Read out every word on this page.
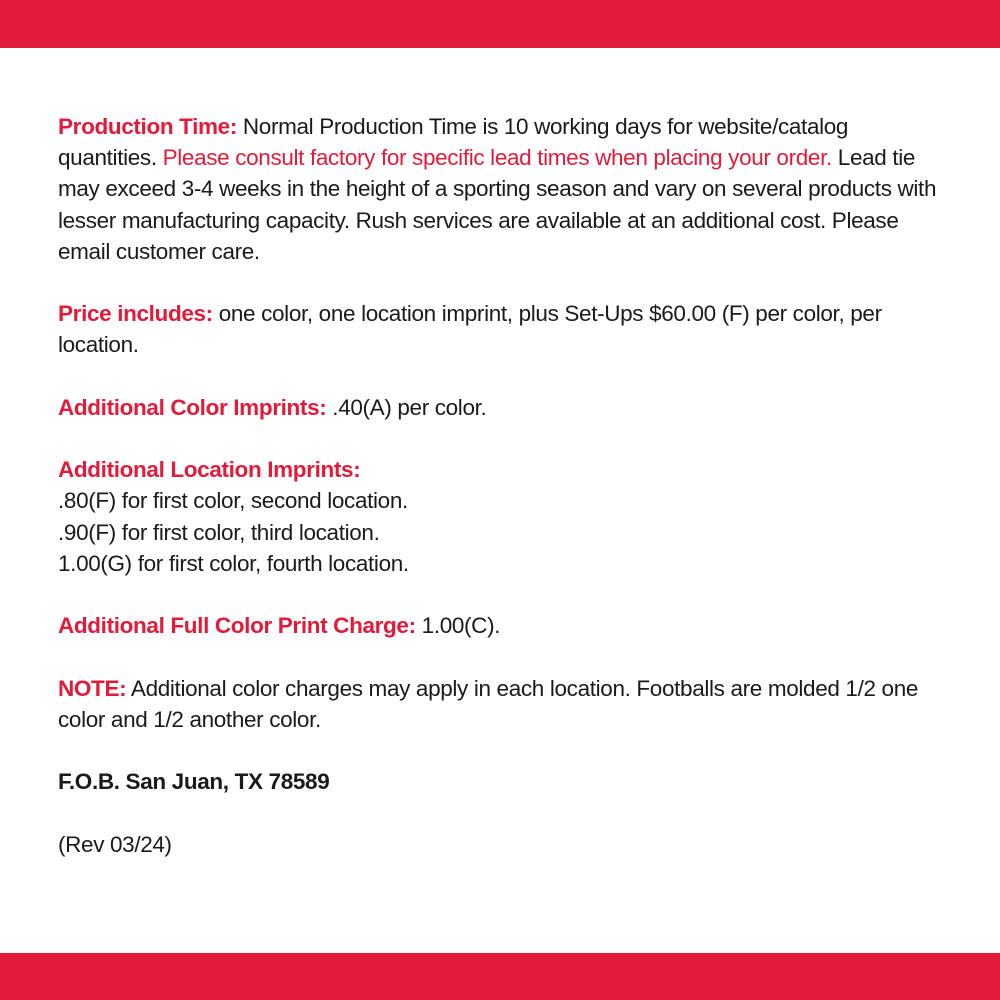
Production Time: Normal Production Time is 10 working days for website/catalog quantities. Please consult factory for specific lead times when placing your order. Lead tie may exceed 3-4 weeks in the height of a sporting season and vary on several products with lesser manufacturing capacity. Rush services are available at an additional cost. Please email customer care.

Price includes: one color, one location imprint, plus Set-Ups $60.00 (F) per color, per location.

Additional Color Imprints: .40(A) per color.

Additional Location Imprints:
.80(F) for first color, second location.
.90(F) for first color, third location.
1.00(G) for first color, fourth location.

Additional Full Color Print Charge: 1.00(C).

NOTE: Additional color charges may apply in each location. Footballs are molded 1/2 one color and 1/2 another color.

F.O.B. San Juan, TX 78589

(Rev 03/24)
